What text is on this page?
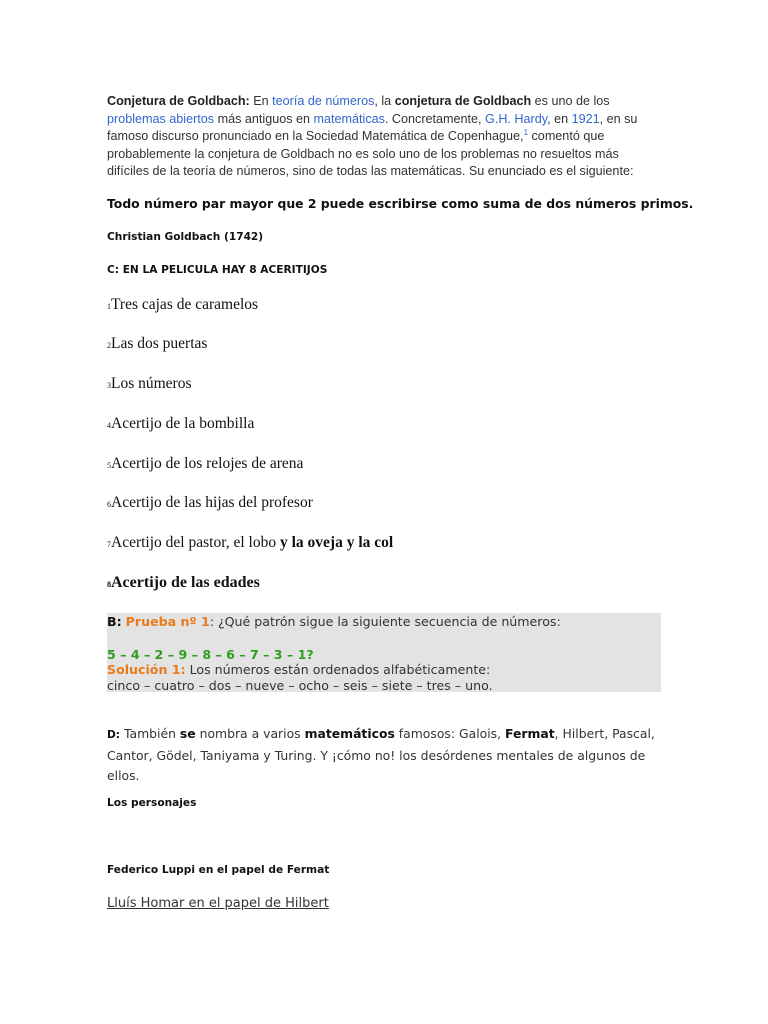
Conjetura de Goldbach: En teoría de números, la conjetura de Goldbach es uno de los problemas abiertos más antiguos en matemáticas. Concretamente, G.H. Hardy, en 1921, en su famoso discurso pronunciado en la Sociedad Matemática de Copenhague,$^1$ comentó que probablemente la conjetura de Goldbach no es solo uno de los problemas no resueltos más difíciles de la teoría de números, sino de todas las matemáticas. Su enunciado es el siguiente:
Todo número par mayor que 2 puede escribirse como suma de dos números primos.
Christian Goldbach (1742)
C: EN LA PELICULA HAY 8 ACERITIJOS
1Tres cajas de caramelos
2Las dos puertas
3Los números
4Acertijo de la bombilla
5Acertijo de los relojes de arena
6Acertijo de las hijas del profesor
7Acertijo del pastor, el lobo y la oveja y la col
8Acertijo de las edades
B: Prueba nº 1: ¿Qué patrón sigue la siguiente secuencia de números:
5 – 4 – 2 – 9 – 8 – 6 – 7 – 3 – 1?
Solución 1: Los números están ordenados alfabéticamente:
cinco – cuatro – dos – nueve – ocho – seis – siete – tres – uno.
D: También se nombra a varios matemáticos famosos: Galois, Fermat, Hilbert, Pascal, Cantor, Gödel, Taniyama y Turing. Y ¡cómo no! los desórdenes mentales de algunos de ellos.
Los personajes
Federico Luppi en el papel de Fermat
Lluís Homar en el papel de Hilbert
